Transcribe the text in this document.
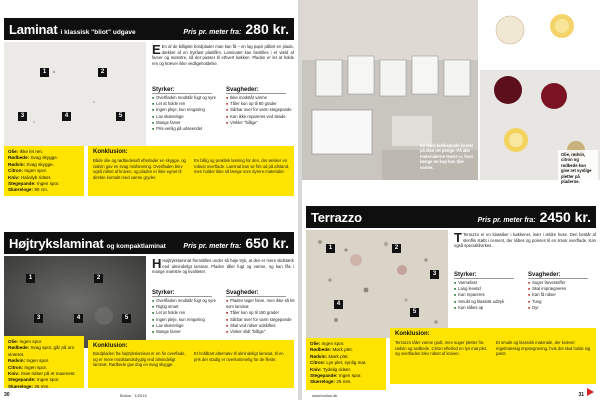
Laminat i klassisk "bliot" udgave	Pris pr. meter fra: 280 kr.
1	2
3	4	5
Olie: Ikke let ren.
Rødbede: Svag skygge.
Rødvin: Svag skygge.
Citron: Ingen spor.
Kniv: Halvdyb ridset.
Stegepande: Ingen spor.
Skæreloge: 90 cm.
E En af de billigste bordplader man kan få – en lag papir påført en plade, dækket af en trykfast plastfilm. Laminatet kan bestilles i et væld af farver og mønstre, så det passer til ethvert køkken. Pladen er let at holde ren og kræver ikke vedligeholdelse.
Styrker:
■ Overfladen modstår fugt og syre
■ Let at holde ren
■ Ingen pleje, kun rengøring
■ Lav skæreloge
■ Mange farver
■ Pris-venlig på udseendet
Svagheder:
■ Ikke modstår varme
■ Tåler kun op til 80 grader
■ Sårbar over for varm stegepande
■ Kan ikke repareres ved skade
■ Vinkler "billige"
Konklusion:
Både olie og rødbedesaft efterlader en skygge, og rødvin gav en svag misfarvning. Overfladen blev også ridset af kniven, og pladen er ikke egnet til direkte kontakt med varme gryder.
En billig og praktisk løsning for den, der ønsker en robust overflade. Laminat kan se fint ud på afstand, men holder ikke så længe som dyrere materialer.
Højtrykslaminat og kompaktlaminat	Pris pr. meter fra: 650 kr.
1	2
3	4	5
Olie: Ingen spor.
Rødbede: Svag spor, går på om vinteret.
Rødvin: Ingen spor.
Citron: Ingen spor.
Kniv: Svæ ridser på et maxmest.
Stegepande: Ingen spor.
Skæreloge: 25 mm.
H Højtrykslaminat fremstilles under så høje tryk, at den er mere slidstærk end almindeligt laminat. Pladen tåler fugt og varme, og kan fås i mange mønstre og kvaliteter.
Styrker:
■ Overfladen modstår fugt og syre
■ Rigtig smart
■ Let at holde ren
■ Ingen pleje, kun rengøring
■ Lav skæreloge
■ Mange farver
Svagheder:
■ Pladen tager farve, men ikke så let som laminat
■ Tåler kun op til 180 grader
■ Sårbar over for varm stegepande
■ Skal ved ridser udskiftes
■ Vinker slidt "billige"
Konklusion:
Bordpladen fra højtrykslaminat er en fin overflade, og er mere modstandsdygtig end almindeligt laminat. Rødbede gav dog en svag skygge.
Et holdbart alternativ til almindeligt laminat, til en pris der stadig er overkommelig for de fleste.
30	Bolius · 1/2015
En hård kokkeplade koster på ikke ret penge. På alle materialerne testet vi, hvor længe en kop kan tåle varme.
Olie, rødvin, citron og rødbede kan give ret synlige pletter på pladerne.
Terrazzo	Pris pr. meter fra: 2450 kr.
1	2
3
4
5
Olie: Ingen spor.
Rødbede: Mørk plet.
Rødvin: Mørk plet.
Citron: Lys plet, synlig mat.
Kniv: Tydelig ridser.
Stegepande: Ingen spor.
Skæreloge: 25 mm.
T Terrazzo er en klassiker i køkkener, især i ældre huse. Den består af stenflis støbt i cement, der slibes og poleres til en smuk overflade. Kan også specialtilvirkes.
Styrker:
■ Varmefast
■ Lang levetid
■ Kan repareres
■ Smukt og klassisk udtryk
■ Kan slibes op
Svagheder:
■ Suger farvestoffer
■ Skal imprægneres
■ Kan få ridser
■ Tung
■ Dyr
Konklusion:
Terrazzo tåler varme godt, men suger pletter fra rødvin og rødbede. Citron efterlod en lys mat plet, og overfladen blev ridset af kniven.
Et smukt og klassisk materiale, der kræver regelmæssig imprægnering, hvis det skal holde sig pænt.
www.bolius.dk	31
